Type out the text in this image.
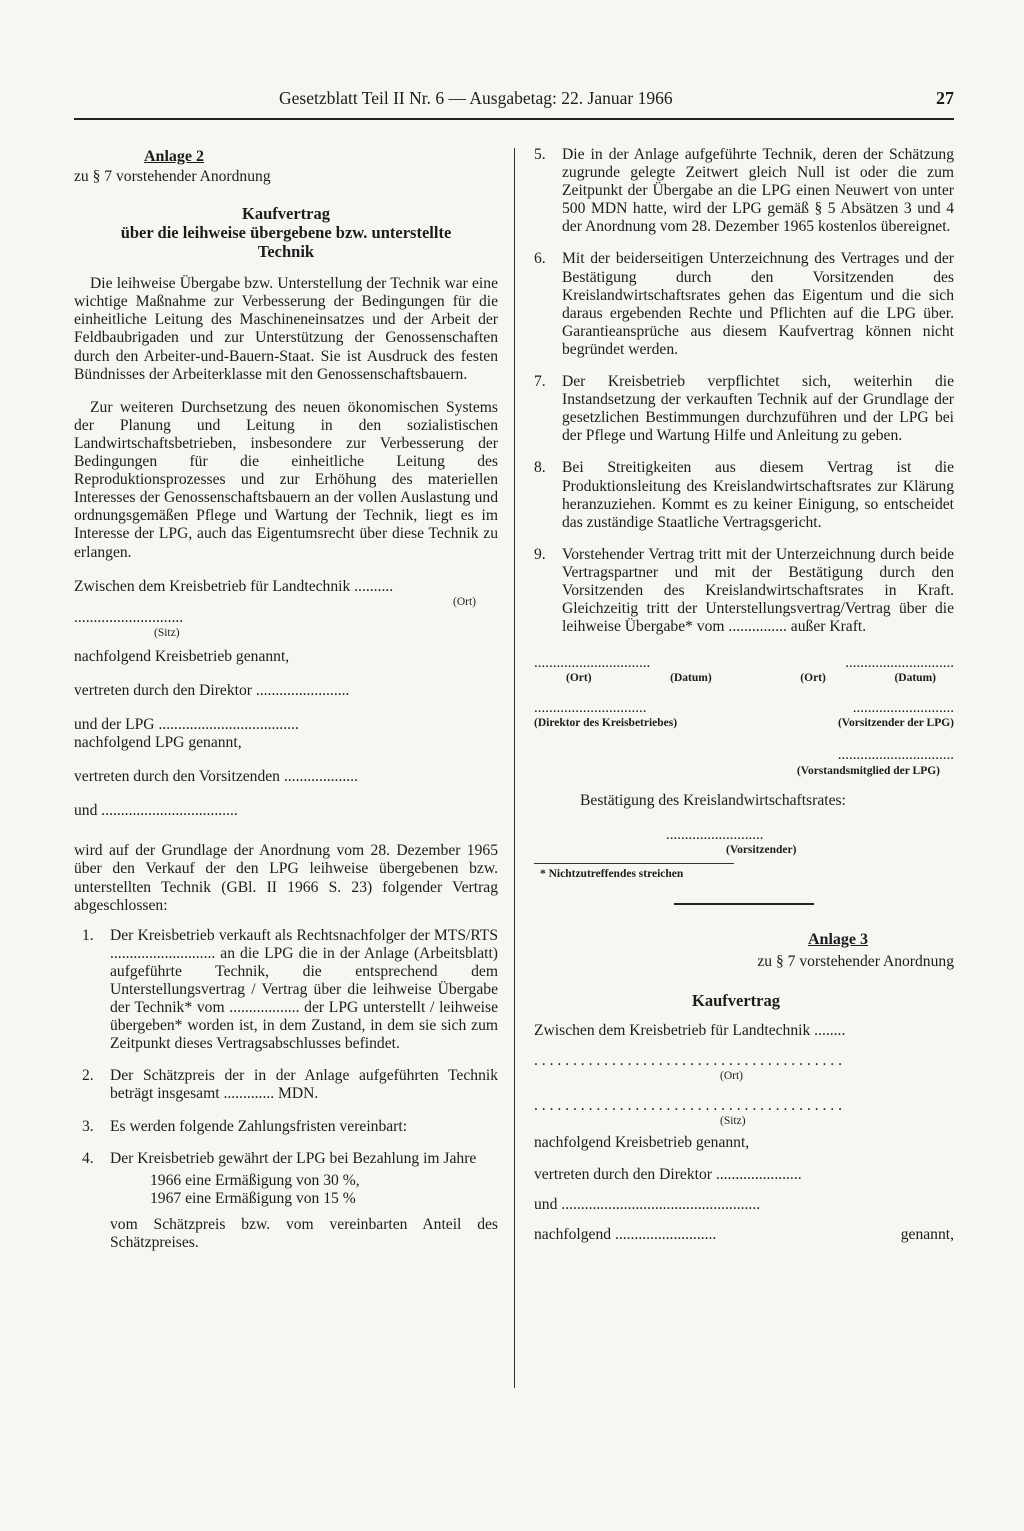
Gesetzblatt Teil II Nr. 6 — Ausgabetag: 22. Januar 1966	27
Anlage 2

zu § 7 vorstehender Anordnung

Kaufvertrag
über die leihweise übergebene bzw. unterstellte
Technik

Die leihweise Übergabe bzw. Unterstellung der Technik war eine wichtige Maßnahme zur Verbesserung der Bedingungen für die einheitliche Leitung des Maschineneinsatzes und der Arbeit der Feldbaubrigaden und zur Unterstützung der Genossenschaften durch den Arbeiter-und-Bauern-Staat. Sie ist Ausdruck des festen Bündnisses der Arbeiterklasse mit den Genossenschaftsbauern.

Zur weiteren Durchsetzung des neuen ökonomischen Systems der Planung und Leitung in den sozialistischen Landwirtschaftsbetrieben, insbesondere zur Verbesserung der Bedingungen für die einheitliche Leitung des Reproduktionsprozesses und zur Erhöhung des materiellen Interesses der Genossenschaftsbauern an der vollen Auslastung und ordnungsgemäßen Pflege und Wartung der Technik, liegt es im Interesse der LPG, auch das Eigentumsrecht über diese Technik zu erlangen.

Zwischen dem Kreisbetrieb für Landtechnik ..........

(Ort)

............................

(Sitz)

nachfolgend Kreisbetrieb genannt,

vertreten durch den Direktor ........................

und der LPG ....................................

nachfolgend LPG genannt,

vertreten durch den Vorsitzenden ...................

und ...................................

wird auf der Grundlage der Anordnung vom 28. Dezember 1965 über den Verkauf der den LPG leihweise übergebenen bzw. unterstellten Technik (GBl. II 1966 S. 23) folgender Vertrag abgeschlossen:

1.	Der Kreisbetrieb verkauft als Rechtsnachfolger der MTS/RTS ........................... an die LPG die in der Anlage (Arbeitsblatt) aufgeführte Technik, die entsprechend dem Unterstellungsvertrag / Vertrag über die leihweise Übergabe der Technik* vom .................. der LPG unterstellt / leihweise übergeben* worden ist, in dem Zustand, in dem sie sich zum Zeitpunkt dieses Vertragsabschlusses befindet.
2.	Der Schätzpreis der in der Anlage aufgeführten Technik beträgt insgesamt ............. MDN.
3.	Es werden folgende Zahlungsfristen vereinbart:
4.	Der Kreisbetrieb gewährt der LPG bei Bezahlung im Jahre

1966 eine Ermäßigung von 30 %,

1967 eine Ermäßigung von 15 %

vom Schätzpreis bzw. vom vereinbarten Anteil des Schätzpreises.

5.	Die in der Anlage aufgeführte Technik, deren der Schätzung zugrunde gelegte Zeitwert gleich Null ist oder die zum Zeitpunkt der Übergabe an die LPG einen Neuwert von unter 500 MDN hatte, wird der LPG gemäß § 5 Absätzen 3 und 4 der Anordnung vom 28. Dezember 1965 kostenlos übereignet.
6.	Mit der beiderseitigen Unterzeichnung des Vertrages und der Bestätigung durch den Vorsitzenden des Kreislandwirtschaftsrates gehen das Eigentum und die sich daraus ergebenden Rechte und Pflichten auf die LPG über. Garantieansprüche aus diesem Kaufvertrag können nicht begründet werden.
7.	Der Kreisbetrieb verpflichtet sich, weiterhin die Instandsetzung der verkauften Technik auf der Grundlage der gesetzlichen Bestimmungen durchzuführen und der LPG bei der Pflege und Wartung Hilfe und Anleitung zu geben.
8.	Bei Streitigkeiten aus diesem Vertrag ist die Produktionsleitung des Kreislandwirtschaftsrates zur Klärung heranzuziehen. Kommt es zu keiner Einigung, so entscheidet das zuständige Staatliche Vertragsgericht.
9.	Vorstehender Vertrag tritt mit der Unterzeichnung durch beide Vertragspartner und mit der Bestätigung durch den Vorsitzenden des Kreislandwirtschaftsrates in Kraft. Gleichzeitig tritt der Unterstellungsvertrag/Vertrag über die leihweise Übergabe* vom ............... außer Kraft.
...............................	.............................
(Ort)	(Datum)	(Ort)	(Datum)
..............................	...........................
(Direktor des Kreisbetriebes)	(Vorsitzender der LPG)
...............................
(Vorstandsmitglied der LPG)

Bestätigung des Kreislandwirtschaftsrates:

..........................
(Vorsitzender)
* Nichtzutreffendes streichen
Anlage 3

zu § 7 vorstehender Anordnung

Kaufvertrag

Zwischen dem Kreisbetrieb für Landtechnik ........

. . . . . . . . . . . . . . . . . . . . . . . . . . . . . . . . . . . . . . . .

(Ort)

. . . . . . . . . . . . . . . . . . . . . . . . . . . . . . . . . . . . . . . .

(Sitz)

nachfolgend Kreisbetrieb genannt,

vertreten durch den Direktor ......................

und ...................................................

nachfolgend ..........................	genannt,
